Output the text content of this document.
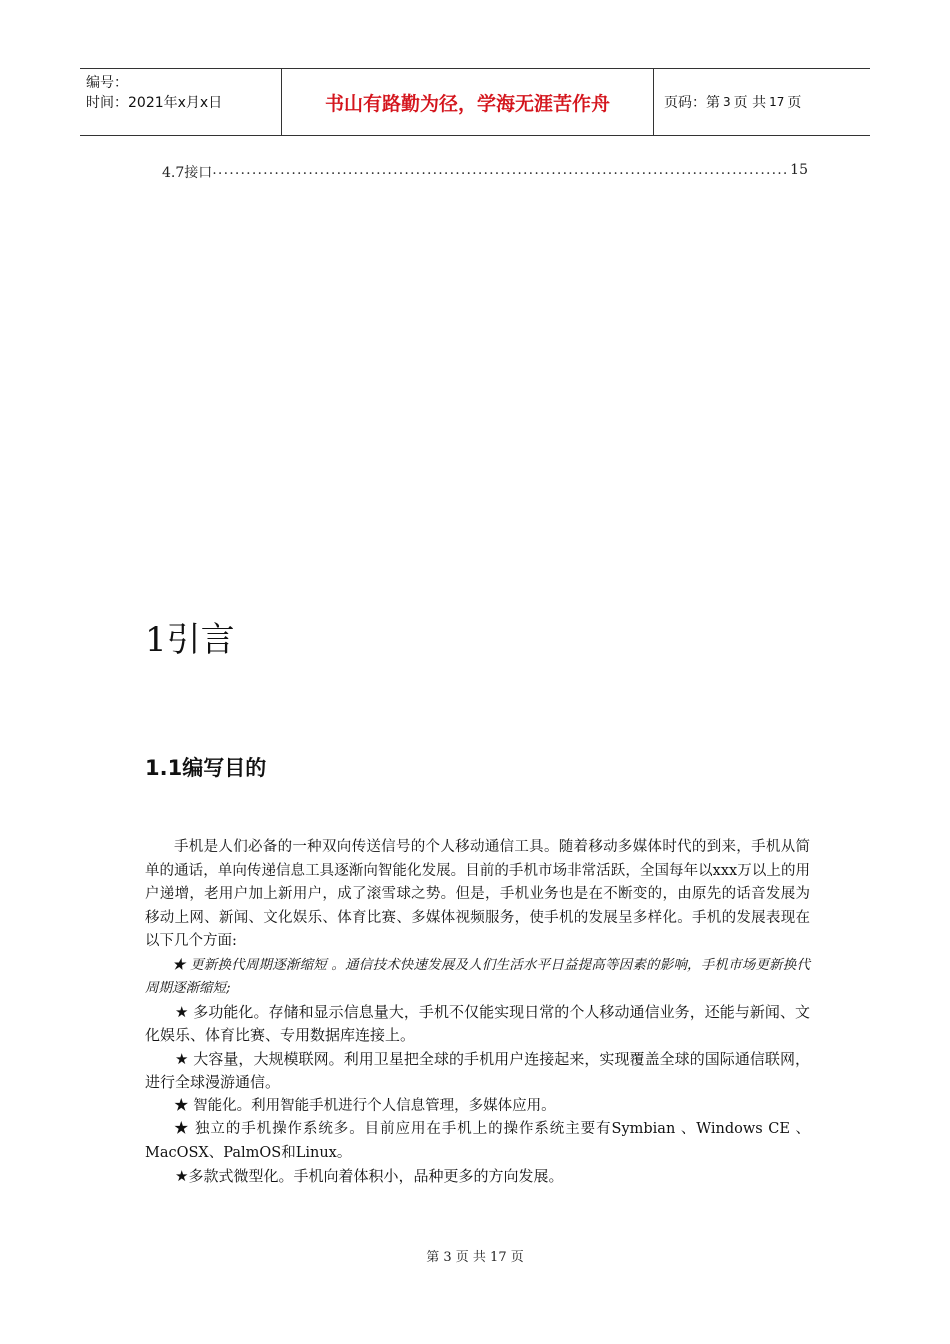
编号：
时间：2021年x月x日	书山有路勤为径，学海无涯苦作舟	页码：第 3 页 共 17 页
4.7接口
.....	15
1引言
1.1编写目的

手机是人们必备的一种双向传送信号的个人移动通信工具。随着移动多媒体时代的到来，手机从简单的通话，单向传递信息工具逐渐向智能化发展。目前的手机市场非常活跃，全国每年以xxx万以上的用户递增，老用户加上新用户，成了滚雪球之势。但是，手机业务也是在不断变的，由原先的话音发展为移动上网、新闻、文化娱乐、体育比赛、多媒体视频服务，使手机的发展呈多样化。手机的发展表现在以下几个方面:

★ 更新换代周期逐渐缩短 。通信技术快速发展及人们生活水平日益提高等因素的影响，手机市场更新换代周期逐渐缩短;

★ 多功能化。存储和显示信息量大，手机不仅能实现日常的个人移动通信业务，还能与新闻、文化娱乐、体育比赛、专用数据库连接上。

★ 大容量，大规模联网。利用卫星把全球的手机用户连接起来，实现覆盖全球的国际通信联网，进行全球漫游通信。

★ 智能化。利用智能手机进行个人信息管理，多媒体应用。

★ 独立的手机操作系统多。目前应用在手机上的操作系统主要有Symbian 、Windows CE 、MacOSX、PalmOS和Linux。

★多款式微型化。手机向着体积小，品种更多的方向发展。

第 3 页 共 17 页
